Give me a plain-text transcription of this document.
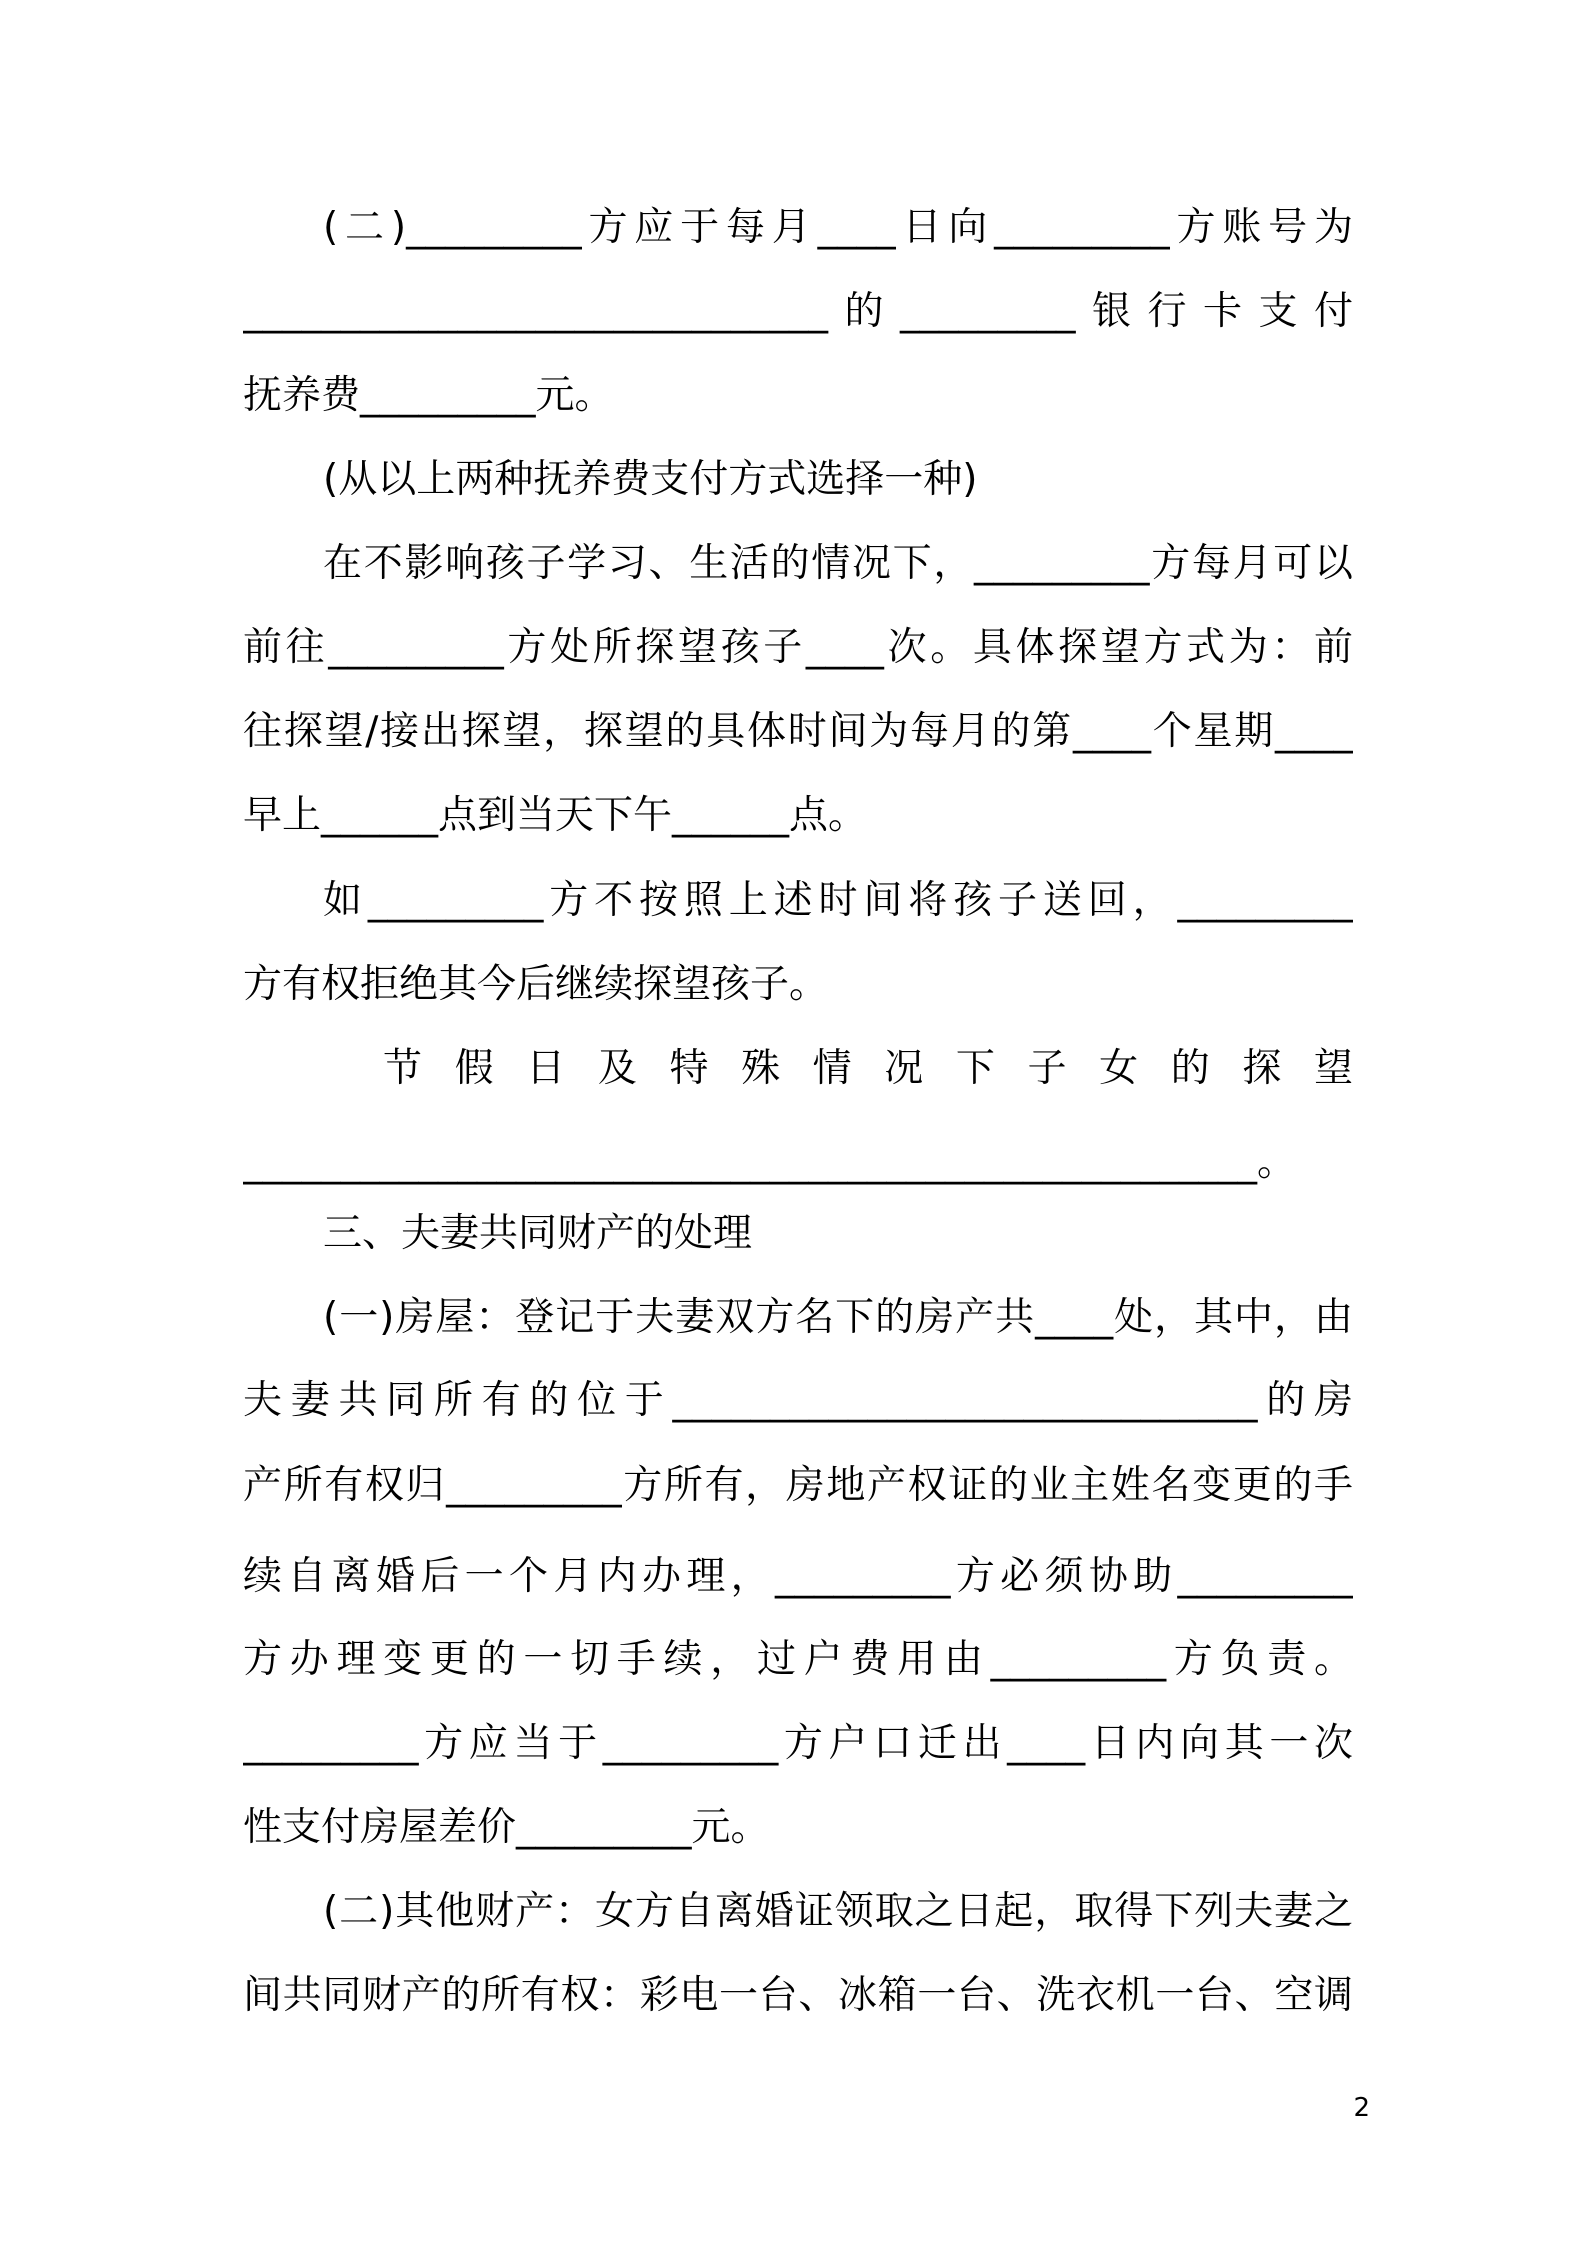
(二)_________方应于每月____日向_________方账号为
______________________________的_________银行卡支付
抚养费_________元。
(从以上两种抚养费支付方式选择一种)
在不影响孩子学习、生活的情况下，_________方每月可以
前往_________方处所探望孩子____次。具体探望方式为：前
往探望/接出探望，探望的具体时间为每月的第____个星期____
早上______点到当天下午______点。
如_________方不按照上述时间将孩子送回，_________
方有权拒绝其今后继续探望孩子。
节 假 日 及 特 殊 情 况 下 子 女 的 探 望
____________________________________________________。
三、夫妻共同财产的处理
(一)房屋：登记于夫妻双方名下的房产共____处，其中，由
夫妻共同所有的位于______________________________的房
产所有权归_________方所有，房地产权证的业主姓名变更的手
续自离婚后一个月内办理，_________方必须协助_________
方办理变更的一切手续，过户费用由_________方负责。
_________方应当于_________方户口迁出____日内向其一次
性支付房屋差价_________元。
(二)其他财产：女方自离婚证领取之日起，取得下列夫妻之
间共同财产的所有权：彩电一台、冰箱一台、洗衣机一台、空调
2
